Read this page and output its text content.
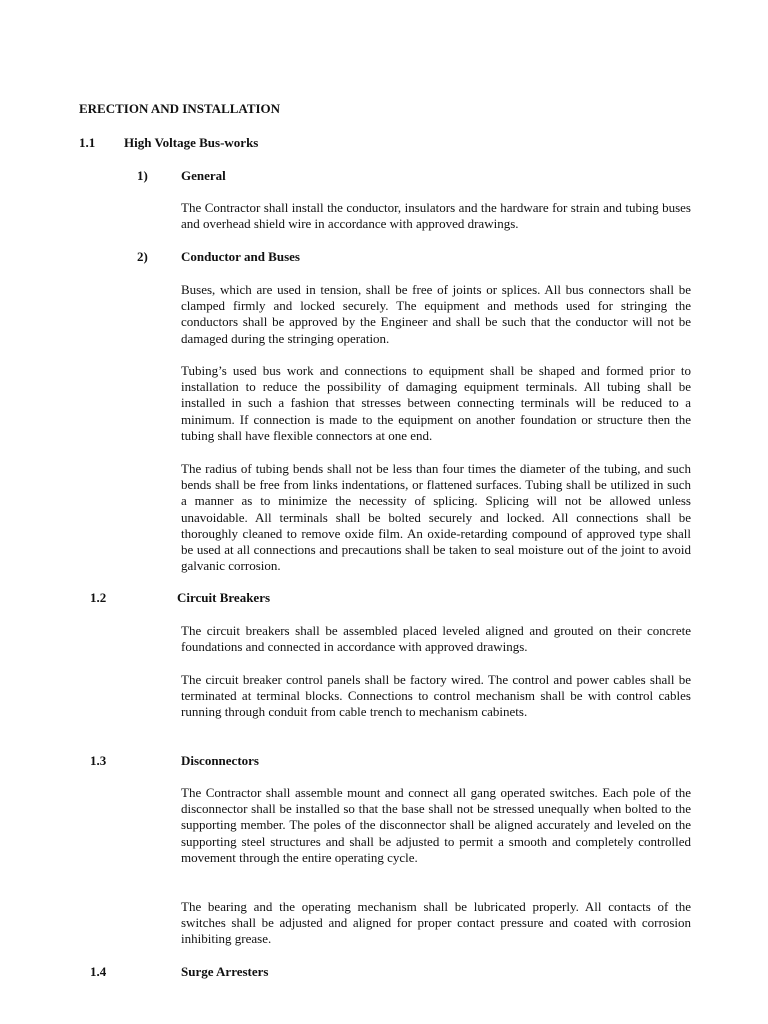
ERECTION AND INSTALLATION
1.1 High Voltage Bus-works
1)	General

The Contractor shall install the conductor, insulators and the hardware for strain and tubing buses and overhead shield wire in accordance with approved drawings.

2)	Conductor and Buses

Buses, which are used in tension, shall be free of joints or splices. All bus connectors shall be clamped firmly and locked securely. The equipment and methods used for stringing the conductors shall be approved by the Engineer and shall be such that the conductor will not be damaged during the stringing operation.

Tubing’s used bus work and connections to equipment shall be shaped and formed prior to installation to reduce the possibility of damaging equipment terminals. All tubing shall be installed in such a fashion that stresses between connecting terminals will be reduced to a minimum. If connection is made to the equipment on another foundation or structure then the tubing shall have flexible connectors at one end.

The radius of tubing bends shall not be less than four times the diameter of the tubing, and such bends shall be free from links indentations, or flattened surfaces. Tubing shall be utilized in such a manner as to minimize the necessity of splicing. Splicing will not be allowed unless unavoidable. All terminals shall be bolted securely and locked. All connections shall be thoroughly cleaned to remove oxide film. An oxide-retarding compound of approved type shall be used at all connections and precautions shall be taken to seal moisture out of the joint to avoid galvanic corrosion.

1.2	Circuit Breakers

The circuit breakers shall be assembled placed leveled aligned and grouted on their concrete foundations and connected in accordance with approved drawings.

The circuit breaker control panels shall be factory wired. The control and power cables shall be terminated at terminal blocks. Connections to control mechanism shall be with control cables running through conduit from cable trench to mechanism cabinets.

1.3	Disconnectors

The Contractor shall assemble mount and connect all gang operated switches. Each pole of the disconnector shall be installed so that the base shall not be stressed unequally when bolted to the supporting member. The poles of the disconnector shall be aligned accurately and leveled on the supporting steel structures and shall be adjusted to permit a smooth and completely controlled movement through the entire operating cycle.

The bearing and the operating mechanism shall be lubricated properly. All contacts of the switches shall be adjusted and aligned for proper contact pressure and coated with corrosion inhibiting grease.

1.4	Surge Arresters
